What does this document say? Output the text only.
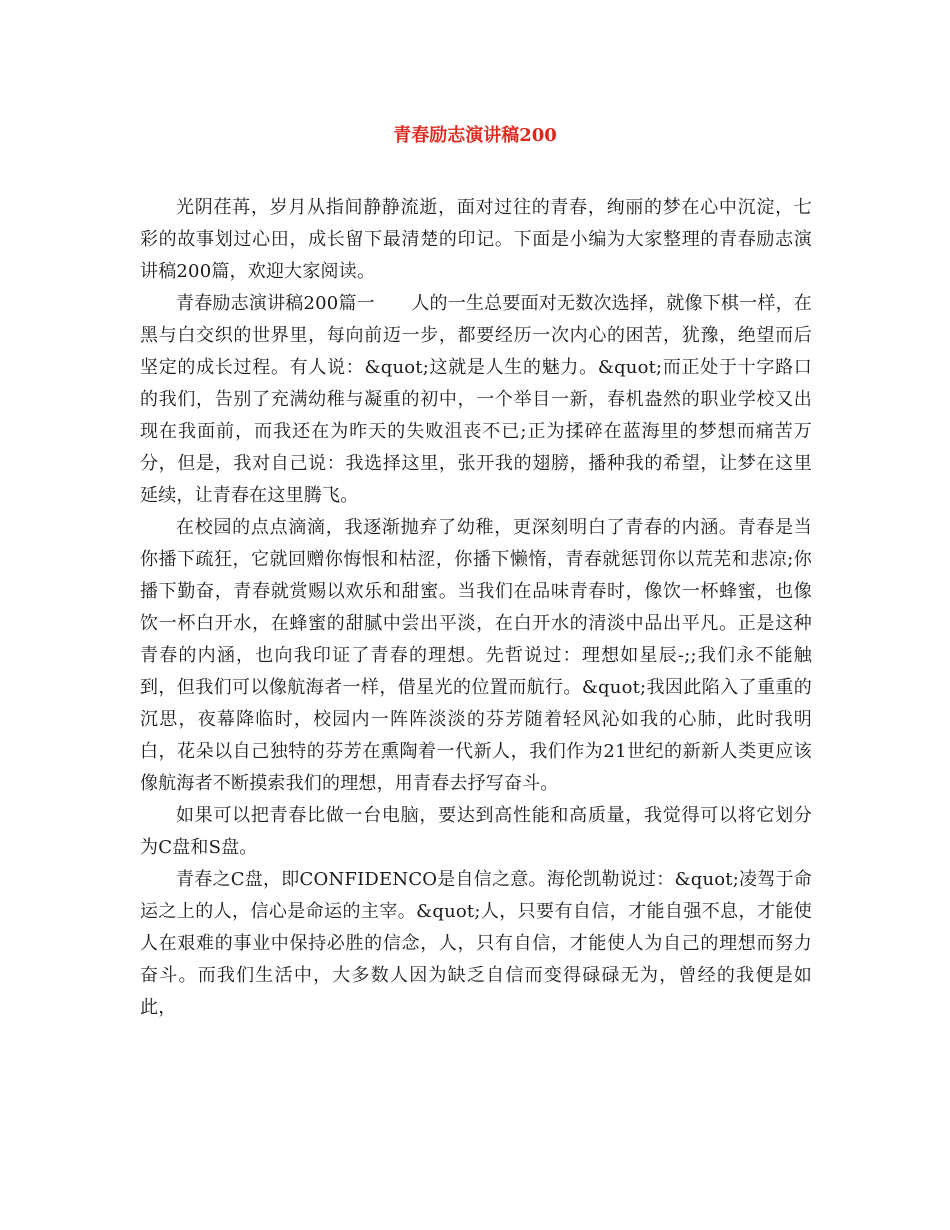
青春励志演讲稿200

光阴荏苒，岁月从指间静静流逝，面对过往的青春，绚丽的梦在心中沉淀，七彩的故事划过心田，成长留下最清楚的印记。下面是小编为大家整理的青春励志演讲稿200篇，欢迎大家阅读。

青春励志演讲稿200篇一　　人的一生总要面对无数次选择，就像下棋一样，在黑与白交织的世界里，每向前迈一步，都要经历一次内心的困苦，犹豫，绝望而后坚定的成长过程。有人说：&quot;这就是人生的魅力。&quot;而正处于十字路口的我们，告别了充满幼稚与凝重的初中，一个举目一新，春机盎然的职业学校又出现在我面前，而我还在为昨天的失败沮丧不已;正为揉碎在蓝海里的梦想而痛苦万分，但是，我对自己说：我选择这里，张开我的翅膀，播种我的希望，让梦在这里延续，让青春在这里腾飞。

在校园的点点滴滴，我逐渐抛弃了幼稚，更深刻明白了青春的内涵。青春是当你播下疏狂，它就回赠你悔恨和枯涩，你播下懒惰，青春就惩罚你以荒芜和悲凉;你播下勤奋，青春就赏赐以欢乐和甜蜜。当我们在品味青春时，像饮一杯蜂蜜，也像饮一杯白开水，在蜂蜜的甜腻中尝出平淡，在白开水的清淡中品出平凡。正是这种青春的内涵，也向我印证了青春的理想。先哲说过：理想如星辰-;;我们永不能触到，但我们可以像航海者一样，借星光的位置而航行。&quot;我因此陷入了重重的沉思，夜幕降临时，校园内一阵阵淡淡的芬芳随着轻风沁如我的心肺，此时我明白，花朵以自己独特的芬芳在熏陶着一代新人，我们作为21世纪的新新人类更应该像航海者不断摸索我们的理想，用青春去抒写奋斗。

如果可以把青春比做一台电脑，要达到高性能和高质量，我觉得可以将它划分为C盘和S盘。

青春之C盘，即CONFIDENCO是自信之意。海伦凯勒说过：&quot;凌驾于命运之上的人，信心是命运的主宰。&quot;人，只要有自信，才能自强不息，才能使人在艰难的事业中保持必胜的信念，人，只有自信，才能使人为自己的理想而努力奋斗。而我们生活中，大多数人因为缺乏自信而变得碌碌无为，曾经的我便是如此，
